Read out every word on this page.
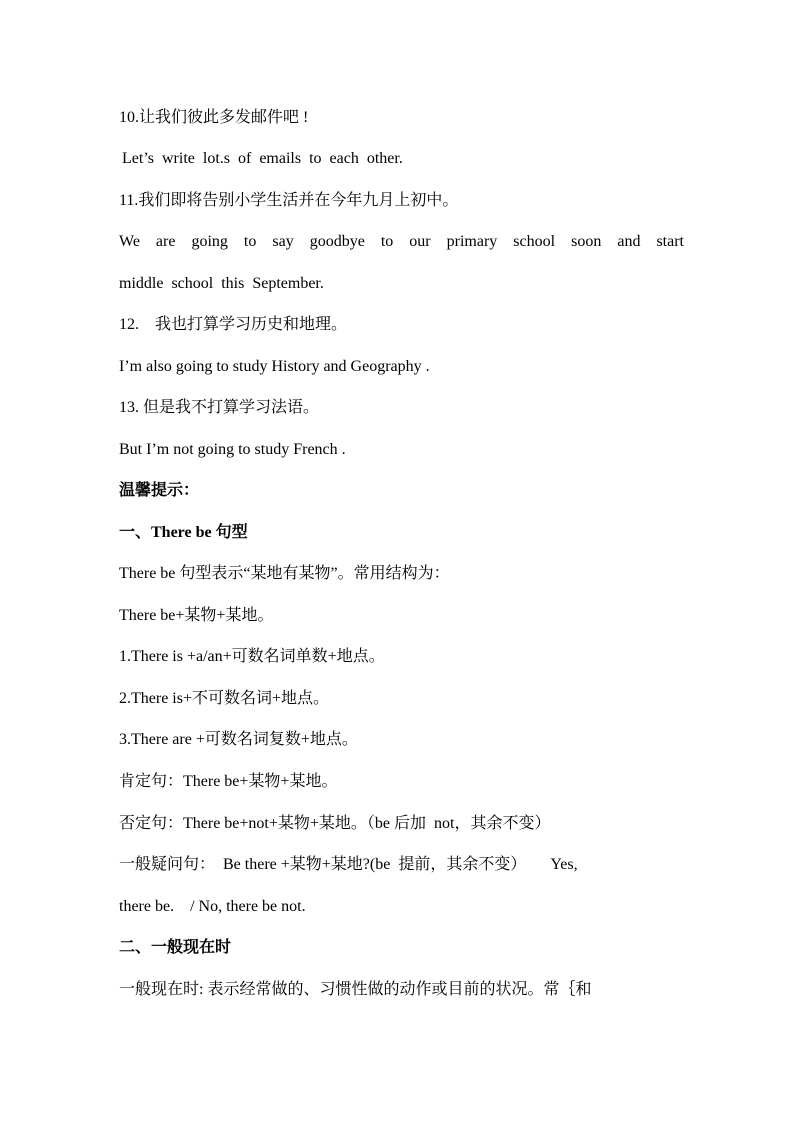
10.让我们彼此多发邮件吧 !
Let’s write lot.s of emails to each other.
11.我们即将告别小学生活并在今年九月上初中。
We are going to say goodbye to our primary school soon and start
middle school this September.
12.    我也打算学习历史和地理。
I’m also going to study History and Geography .
13. 但是我不打算学习法语。
But I’m not going to study French .
温馨提示：
一、There be 句型
There be 句型表示“某地有某物”。常用结构为：
There be+某物+某地。
1.There is +a/an+可数名词单数+地点。
2.There is+不可数名词+地点。
3.There are +可数名词复数+地点。
肯定句：There be+某物+某地。
否定句：There be+not+某物+某地。（be 后加  not，其余不变）
一般疑问句：  Be there +某物+某地?(be  提前，其余不变）      Yes,
there be.    / No, there be not.
二、一般现在时
一般现在时: 表示经常做的、习惯性做的动作或目前的状况。常｛和
